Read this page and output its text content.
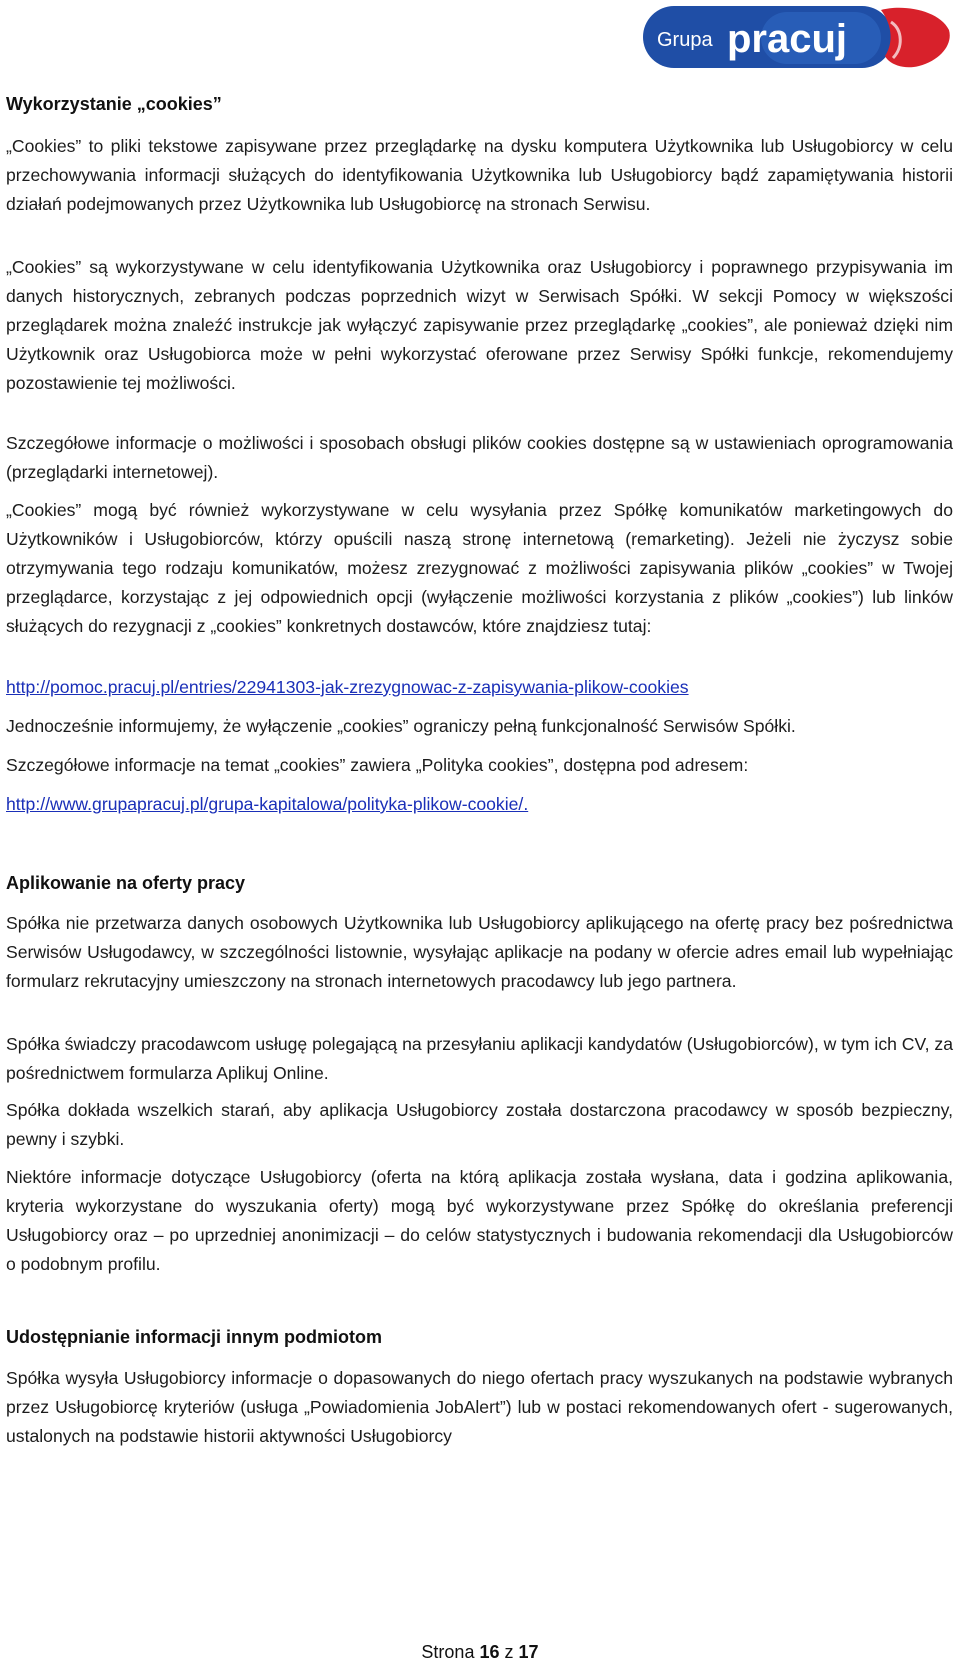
Grupa pracuj
Wykorzystanie „cookies”

„Cookies” to pliki tekstowe zapisywane przez przeglądarkę na dysku komputera Użytkownika lub Usługobiorcy w celu przechowywania informacji służących do identyfikowania Użytkownika lub Usługobiorcy bądź zapamiętywania historii działań podejmowanych przez Użytkownika lub Usługobiorcę na stronach Serwisu.

„Cookies” są wykorzystywane w celu identyfikowania Użytkownika oraz Usługobiorcy i poprawnego przypisywania im danych historycznych, zebranych podczas poprzednich wizyt w Serwisach Spółki. W sekcji Pomocy w większości przeglądarek można znaleźć instrukcje jak wyłączyć zapisywanie przez przeglądarkę „cookies”, ale ponieważ dzięki nim Użytkownik oraz Usługobiorca może w pełni wykorzystać oferowane przez Serwisy Spółki funkcje, rekomendujemy pozostawienie tej możliwości.

Szczegółowe informacje o możliwości i sposobach obsługi plików cookies dostępne są w ustawieniach oprogramowania (przeglądarki internetowej).

„Cookies” mogą być również wykorzystywane w celu wysyłania przez Spółkę komunikatów marketingowych do Użytkowników i Usługobiorców, którzy opuścili naszą stronę internetową (remarketing). Jeżeli nie życzysz sobie otrzymywania tego rodzaju komunikatów, możesz zrezygnować z możliwości zapisywania plików „cookies” w Twojej przeglądarce, korzystając z jej odpowiednich opcji (wyłączenie możliwości korzystania z plików „cookies”) lub linków służących do rezygnacji z „cookies” konkretnych dostawców, które znajdziesz tutaj:

http://pomoc.pracuj.pl/entries/22941303-jak-zrezygnowac-z-zapisywania-plikow-cookies

Jednocześnie informujemy, że wyłączenie „cookies” ograniczy pełną funkcjonalność Serwisów Spółki.

Szczegółowe informacje na temat „cookies” zawiera „Polityka cookies”, dostępna pod adresem:

http://www.grupapracuj.pl/grupa-kapitalowa/polityka-plikow-cookie/.

Aplikowanie na oferty pracy

Spółka nie przetwarza danych osobowych Użytkownika lub Usługobiorcy aplikującego na ofertę pracy bez pośrednictwa Serwisów Usługodawcy, w szczególności listownie, wysyłając aplikacje na podany w ofercie adres email lub wypełniając formularz rekrutacyjny umieszczony na stronach internetowych pracodawcy lub jego partnera.

Spółka świadczy pracodawcom usługę polegającą na przesyłaniu aplikacji kandydatów (Usługobiorców), w tym ich CV, za pośrednictwem formularza Aplikuj Online.

Spółka dokłada wszelkich starań, aby aplikacja Usługobiorcy została dostarczona pracodawcy w sposób bezpieczny, pewny i szybki.

Niektóre informacje dotyczące Usługobiorcy (oferta na którą aplikacja została wysłana, data i godzina aplikowania, kryteria wykorzystane do wyszukania oferty) mogą być wykorzystywane przez Spółkę do określania preferencji Usługobiorcy oraz – po uprzedniej anonimizacji – do celów statystycznych i budowania rekomendacji dla Usługobiorców o podobnym profilu.

Udostępnianie informacji innym podmiotom

Spółka wysyła Usługobiorcy informacje o dopasowanych do niego ofertach pracy wyszukanych na podstawie wybranych przez Usługobiorcę kryteriów (usługa „Powiadomienia JobAlert”) lub w postaci rekomendowanych ofert - sugerowanych, ustalonych na podstawie historii aktywności Usługobiorcy

Strona 16 z 17
